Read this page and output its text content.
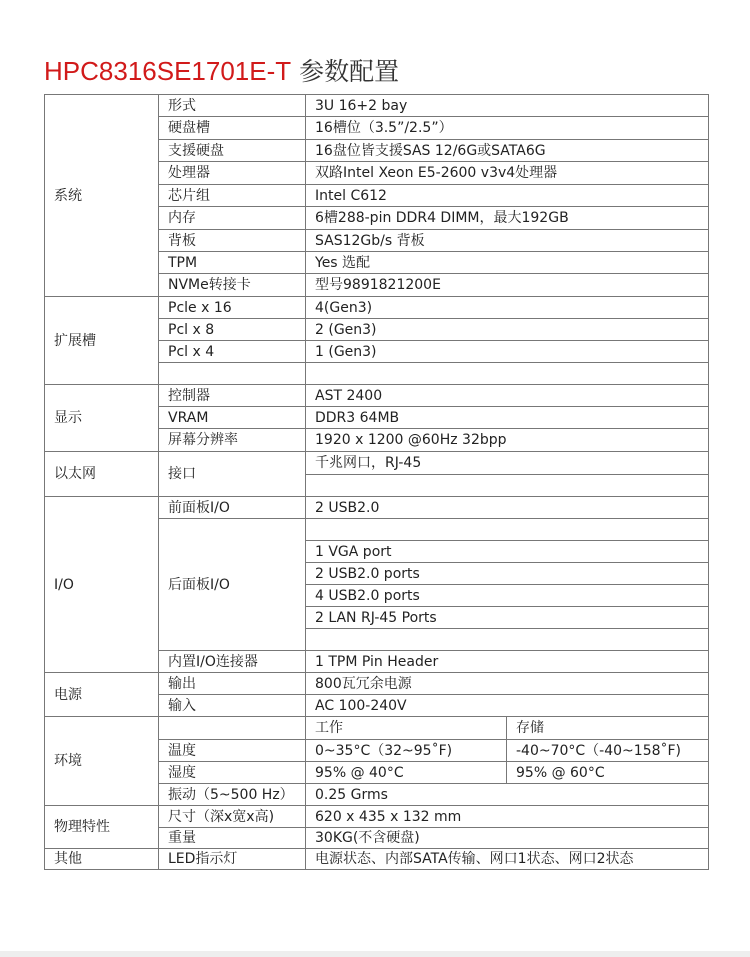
HPC8316SE1701E-T 参数配置
系统	形式	3U 16+2 bay	
	硬盘槽	16槽位（3.5”/2.5”）	
	支援硬盘	16盘位皆支援SAS 12/6G或SATA6G	
	处理器	双路Intel Xeon E5-2600 v3v4处理器	
	芯片组	Intel C612	
	内存	6槽288-pin DDR4 DIMM，最大192GB	
	背板	SAS12Gb/s 背板	
	TPM	Yes 选配	
	NVMe转接卡	型号9891821200E	
扩展槽	Pcle x 16	4(Gen3)	
	Pcl x 8	2 (Gen3)	
	Pcl x 4	1 (Gen3)	

显示	控制器	AST 2400	
	VRAM	DDR3 64MB	
	屏幕分辨率	1920 x 1200 @60Hz 32bpp	
以太网	接口	千兆网口，RJ-45	

I/O	前面板I/O	2 USB2.0	
	后面板I/O		
		1 VGA port	
		2 USB2.0 ports	
		4 USB2.0 ports	
		2 LAN RJ-45 Ports	

	内置I/O连接器	1 TPM Pin Header	
电源	输出	800瓦冗余电源	
	输入	AC 100-240V	
环境		工作	存储
	温度	0~35°C（32~95˚F)	-40~70°C（-40~158˚F)
	湿度	95% @ 40°C	95% @ 60°C
	振动（5~500 Hz）	0.25 Grms	
物理特性	尺寸（深x宽x高)	620 x 435 x 132 mm	
	重量	30KG(不含硬盘)	
其他	LED指示灯	电源状态、内部SATA传输、网口1状态、网口2状态	
